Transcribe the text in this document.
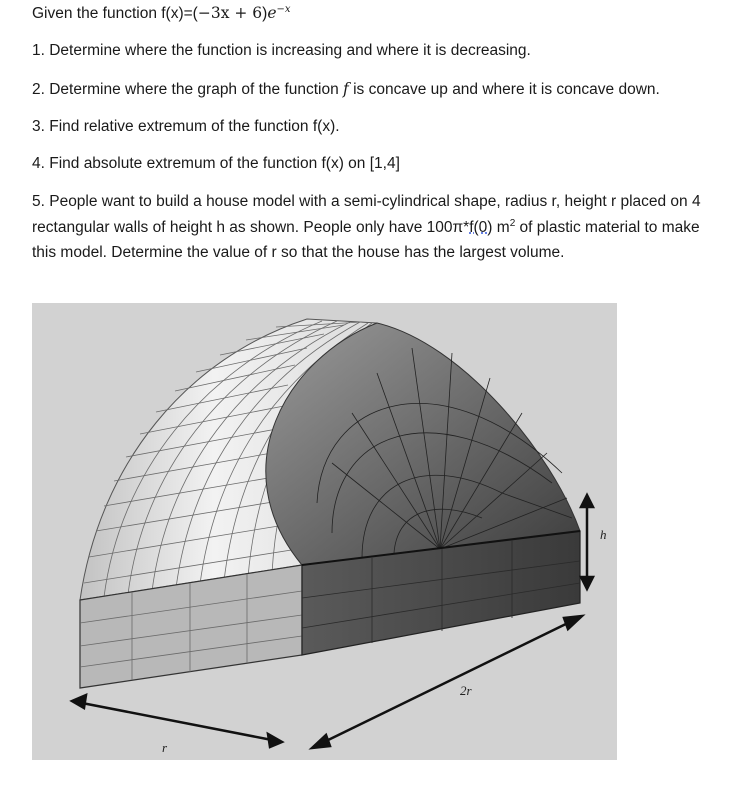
Given the function $f(x)=(-3x + 6)e^{-x}$
1. Determine where the function is increasing and where it is decreasing.
2. Determine where the graph of the function f is concave up and where it is concave down.
3. Find relative extremum of the function f(x).
4. Find absolute extremum of the function f(x) on [1,4]
5. People want to build a house model with a semi-cylindrical shape, radius r, height r placed on 4 rectangular walls of height h as shown. People only have 100π*f(0) $m^2$ of plastic material to make this model. Determine the value of r so that the house has the largest volume.
h
2r
r
